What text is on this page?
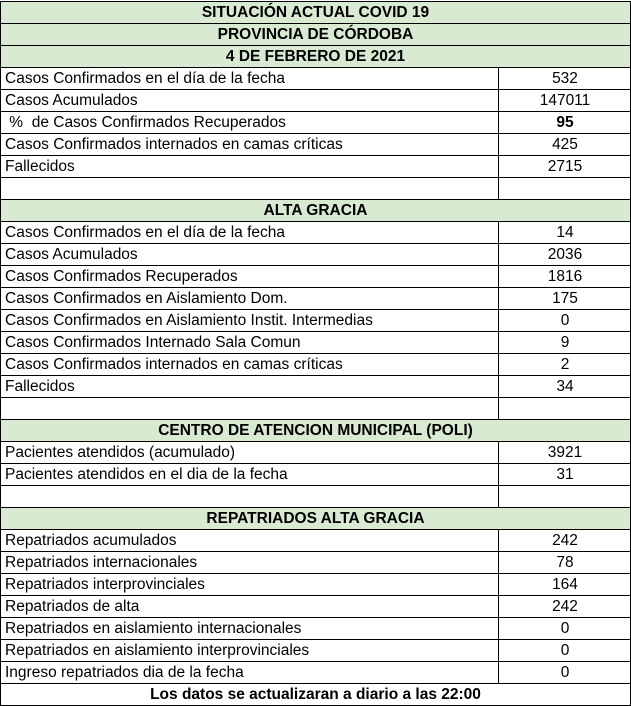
SITUACIÓN ACTUAL COVID 19
PROVINCIA DE CÓRDOBA
4 DE FEBRERO DE 2021
Casos Confirmados en el día de la fecha	532
Casos Acumulados	147011
%  de Casos Confirmados Recuperados	95
Casos Confirmados internados en camas críticas	425
Fallecidos	2715
ALTA GRACIA
Casos Confirmados en el día de la fecha	14
Casos Acumulados	2036
Casos Confirmados Recuperados	1816
Casos Confirmados en Aislamiento Dom.	175
Casos Confirmados en Aislamiento Instit. Intermedias	0
Casos Confirmados Internado Sala Comun	9
Casos Confirmados internados en camas críticas	2
Fallecidos	34
CENTRO DE ATENCION MUNICIPAL (POLI)
Pacientes atendidos (acumulado)	3921
Pacientes atendidos en el dia de la fecha	31
REPATRIADOS ALTA GRACIA
Repatriados acumulados	242
Repatriados internacionales	78
Repatriados interprovinciales	164
Repatriados de alta	242
Repatriados en aislamiento internacionales	0
Repatriados en aislamiento interprovinciales	0
Ingreso repatriados dia de la fecha	0
Los datos se actualizaran a diario a las 22:00
